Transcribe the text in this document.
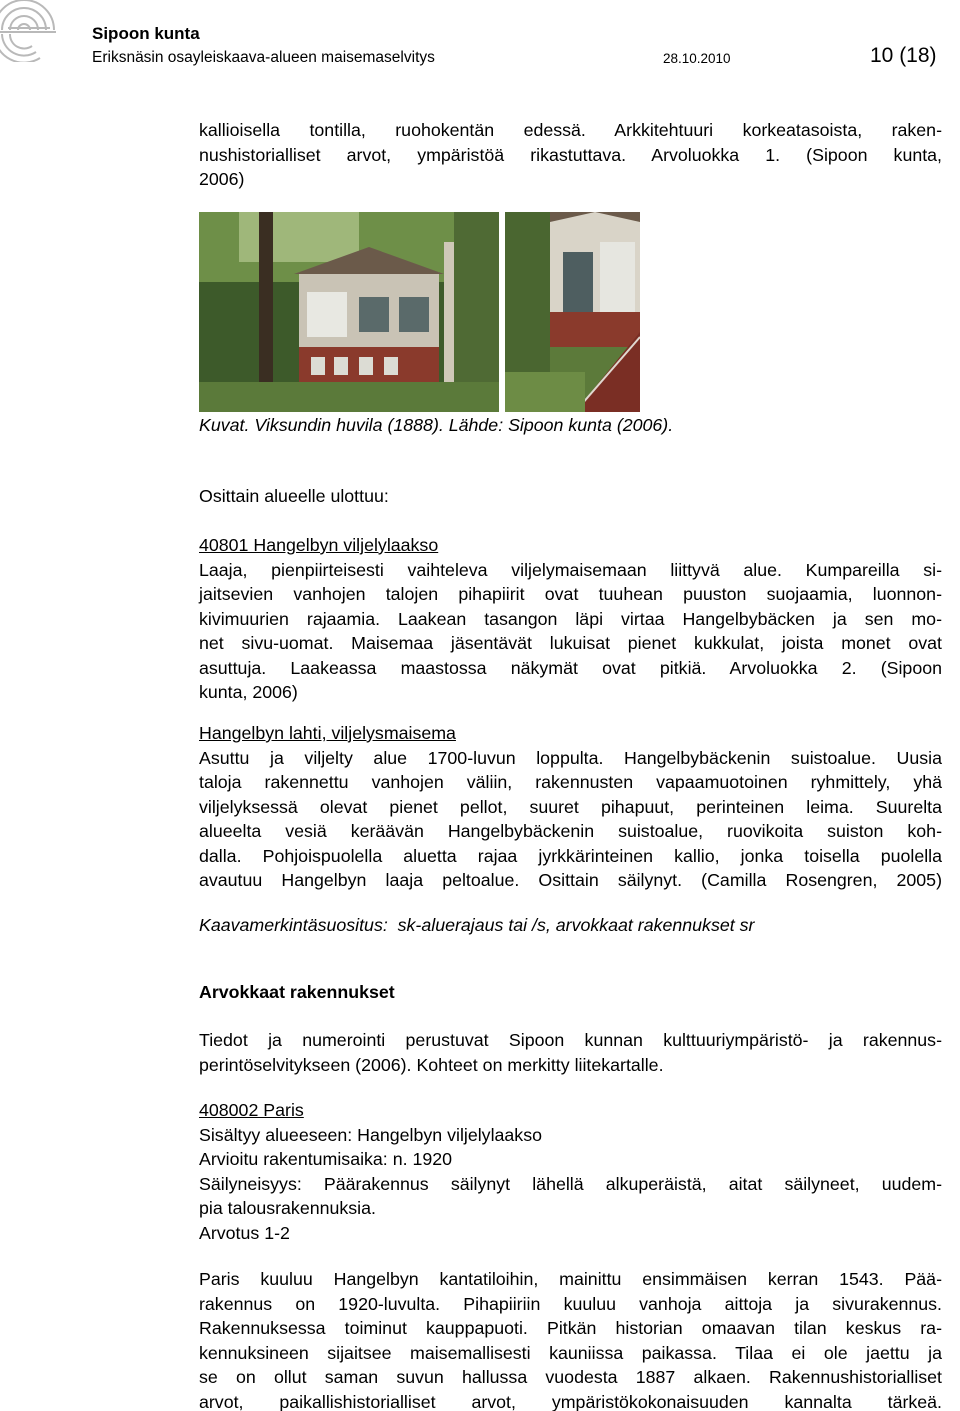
Sipoon kunta
Eriksnäsin osayleiskaava-alueen maisemaselvitys	28.10.2010	10 (18)
kallioisella tontilla, ruohokentän edessä. Arkkitehtuuri korkeatasoista, raken-
nushistorialliset arvot, ympäristöä rikastuttava. Arvoluokka 1. (Sipoon kunta,
2006)
Kuvat. Viksundin huvila (1888). Lähde: Sipoon kunta (2006).
Osittain alueelle ulottuu:
40801 Hangelbyn viljelylaakso
Laaja, pienpiirteisesti vaihteleva viljelymaisemaan liittyvä alue. Kumpareilla si-
jaitsevien vanhojen talojen pihapiirit ovat tuuhean puuston suojaamia, luonnon-
kivimuurien rajaamia. Laakean tasangon läpi virtaa Hangelbybäcken ja sen mo-
net sivu-uomat. Maisemaa jäsentävät lukuisat pienet kukkulat, joista monet ovat
asuttuja. Laakeassa maastossa näkymät ovat pitkiä. Arvoluokka 2. (Sipoon
kunta, 2006)
Hangelbyn lahti, viljelysmaisema
Asuttu ja viljelty alue 1700-luvun loppulta. Hangelbybäckenin suistoalue. Uusia
taloja rakennettu vanhojen väliin, rakennusten vapaamuotoinen ryhmittely, yhä
viljelyksessä olevat pienet pellot, suuret pihapuut, perinteinen leima. Suurelta
alueelta vesiä keräävän Hangelbybäckenin suistoalue, ruovikoita suiston koh-
dalla. Pohjoispuolella aluetta rajaa jyrkkärinteinen kallio, jonka toisella puolella
avautuu Hangelbyn laaja peltoalue. Osittain säilynyt. (Camilla Rosengren, 2005)
Kaavamerkintäsuositus:  sk-aluerajaus tai /s, arvokkaat rakennukset sr
Arvokkaat rakennukset
Tiedot ja numerointi perustuvat Sipoon kunnan kulttuuriympäristö- ja rakennus-
perintöselvitykseen (2006). Kohteet on merkitty liitekartalle.
408002 Paris
Sisältyy alueeseen: Hangelbyn viljelylaakso
Arvioitu rakentumisaika: n. 1920
Säilyneisyys: Päärakennus säilynyt lähellä alkuperäistä, aitat säilyneet, uudem-
pia talousrakennuksia.
Arvotus 1-2
Paris kuuluu Hangelbyn kantatiloihin, mainittu ensimmäisen kerran 1543. Pää-
rakennus on 1920-luvulta. Pihapiiriin kuuluu vanhoja aittoja ja sivurakennus.
Rakennuksessa toiminut kauppapuoti. Pitkän historian omaavan tilan keskus ra-
kennuksineen sijaitsee maisemallisesti kauniissa paikassa. Tilaa ei ole jaettu ja
se on ollut saman suvun hallussa vuodesta 1887 alkaen. Rakennushistorialliset
arvot, paikallishistorialliset arvot, ympäristökokonaisuuden kannalta tärkeä.
